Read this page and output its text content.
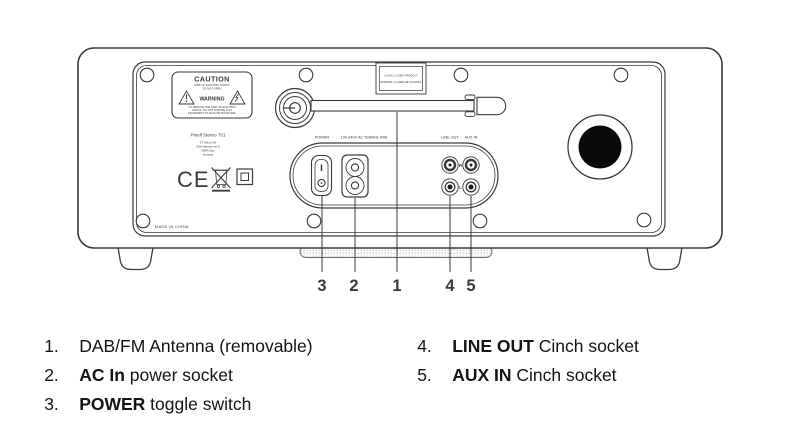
CAUTION
RISK OF ELECTRIC SHOCK
DO NOT OPEN
WARNING
TO REDUCE THE RISK OF ELECTRIC
SHOCK, DO NOT EXPOSE THIS
EQUIPMENT TO RAIN OR MOISTURE!
CLASS 1 LASER PRODUCT
APPAREIL A LASER DE CLASSE 1
Pinell Stereo 701
TT Micro AS
Olaf Helsets vei 6
0694 Oslo
Norway
CE
MADE IN CHINA
POWER	100-240V AC 50/60Hz 40W	LINE OUT AUX IN
R
L
3 2 1	4 5

1. DAB/FM Antenna (removable)

2. AC In power socket

3. POWER toggle switch

4. LINE OUT Cinch socket

5. AUX IN Cinch socket
